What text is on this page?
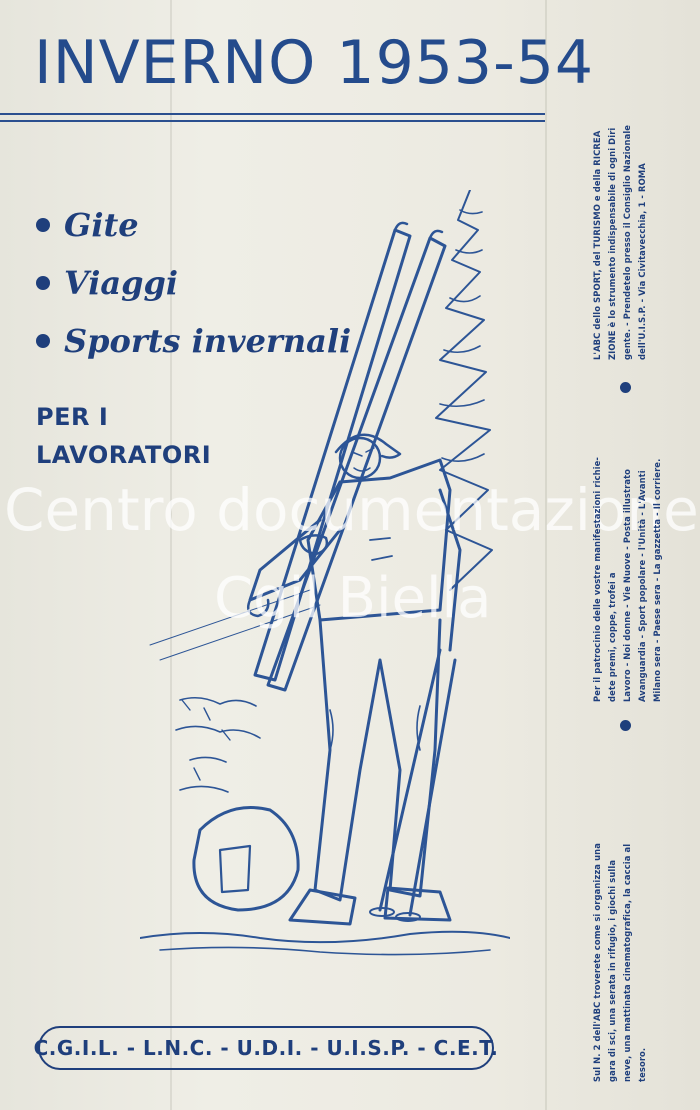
INVERNO 1953-54
Gite
Viaggi
Sports invernali
PER I
LAVORATORI
Centro documentazione
Cgil Biella
C.G.I.L. - L.N.C. - U.D.I. - U.I.S.P. - C.E.T.
L'ABC dello SPORT, del TURISMO e della RICREA ZIONE è lo strumento indispensabile di ogni Diri gente. - Prendetelo presso il Consiglio Nazionale dell'U.I.S.P. - Via Civitavecchia, 1 - ROMA
Per il patrocinio delle vostre manifestazioni richie- dete premi, coppe, trofei a Lavoro - Noi donne - Vie Nuove - Posta illustrato Avanguardia - Sport popolare - l'Unità - L'Avanti Milano sera - Paese sera - La gazzetta - Il corriere.
Sul N. 2 dell'ABC troverete come si organizza una gara di sci, una serata in rifugio, i giochi sulla neve, una mattinata cinematografica, la caccia al tesoro.
